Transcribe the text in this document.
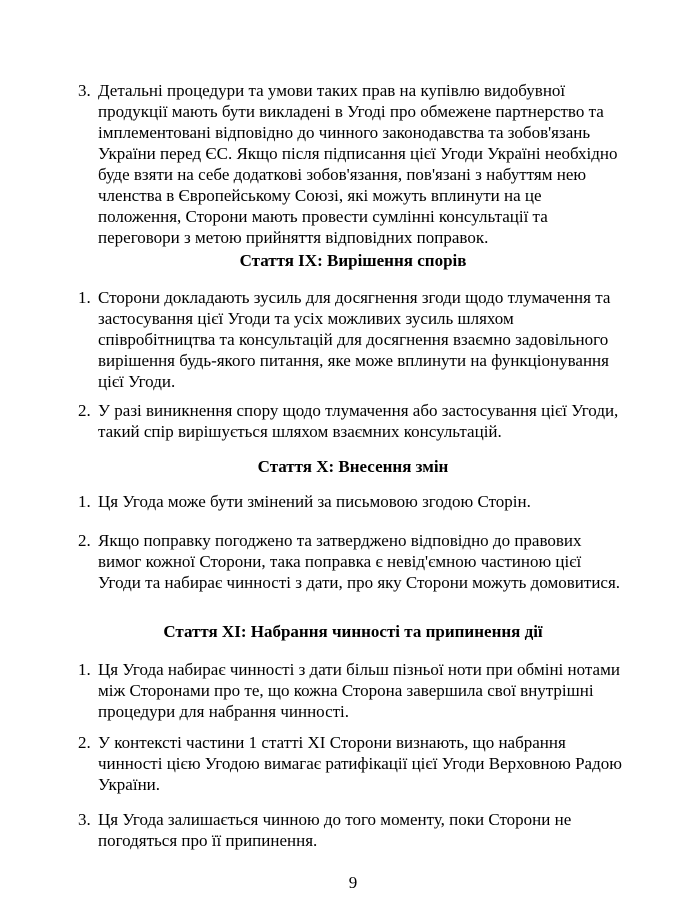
3. Детальні процедури та умови таких прав на купівлю видобувної продукції мають бути викладені в Угоді про обмежене партнерство та імплементовані відповідно до чинного законодавства та зобов'язань України перед ЄС. Якщо після підписання цієї Угоди Україні необхідно буде взяти на себе додаткові зобов'язання, пов'язані з набуттям нею членства в Європейському Союзі, які можуть вплинути на це положення, Сторони мають провести сумлінні консультації та переговори з метою прийняття відповідних поправок.
Стаття IX: Вирішення спорів
1. Сторони докладають зусиль для досягнення згоди щодо тлумачення та застосування цієї Угоди та усіх можливих зусиль шляхом співробітництва та консультацій для досягнення взаємно задовільного вирішення будь-якого питання, яке може вплинути на функціонування цієї Угоди.
2. У разі виникнення спору щодо тлумачення або застосування цієї Угоди, такий спір вирішується шляхом взаємних консультацій.
Стаття X: Внесення змін
1. Ця Угода може бути змінений за письмовою згодою Сторін.
2. Якщо поправку погоджено та затверджено відповідно до правових вимог кожної Сторони, така поправка є невід'ємною частиною цієї Угоди та набирає чинності з дати, про яку Сторони можуть домовитися.
Стаття XI: Набрання чинності та припинення дії
1. Ця Угода набирає чинності з дати більш пізньої ноти при обміні нотами між Сторонами про те, що кожна Сторона завершила свої внутрішні процедури для набрання чинності.
2. У контексті частини 1 статті XI Сторони визнають, що набрання чинності цією Угодою вимагає ратифікації цієї Угоди Верховною Радою України.
3. Ця Угода залишається чинною до того моменту, поки Сторони не погодяться про її припинення.
9
